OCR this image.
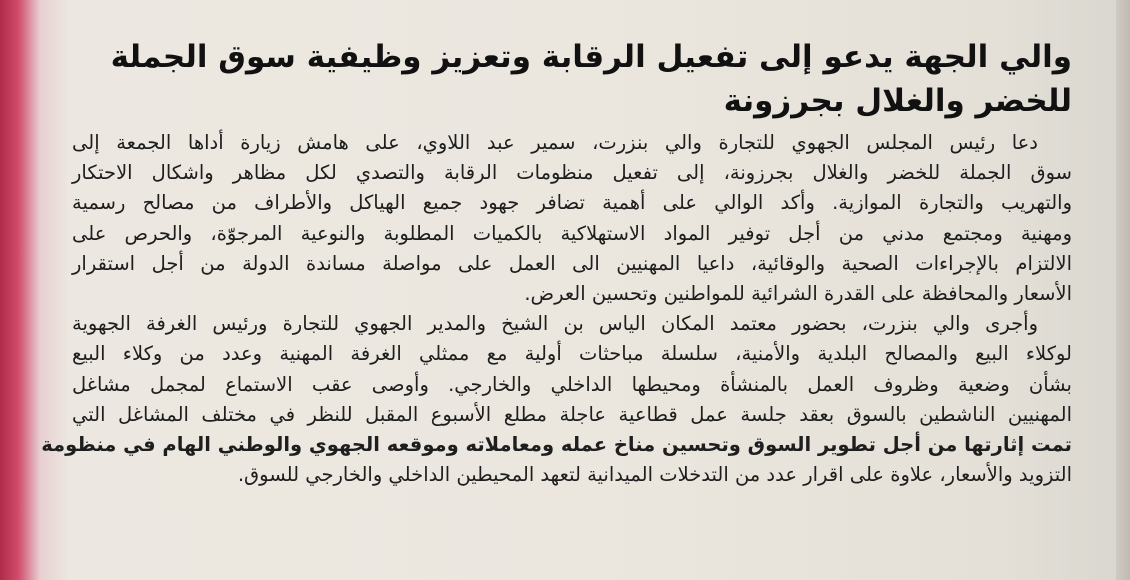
والي الجهة يدعو إلى تفعيل الرقابة وتعزيز وظيفية سوق الجملة
للخضر والغلال بجرزونة
دعا رئيس المجلس الجهوي للتجارة والي بنزرت، سمير عبد اللاوي، على هامش زيارة أداها الجمعة إلى
سوق الجملة للخضر والغلال بجرزونة، إلى تفعيل منظومات الرقابة والتصدي لكل مظاهر واشكال الاحتكار
والتهريب والتجارة الموازية. وأكد الوالي على أهمية تضافر جهود جميع الهياكل والأطراف من مصالح رسمية
ومهنية ومجتمع مدني من أجل توفير المواد الاستهلاكية بالكميات المطلوبة والنوعية المرجوّة، والحرص على
الالتزام بالإجراءات الصحية والوقائية، داعيا المهنيين الى العمل على مواصلة مساندة الدولة من أجل استقرار
الأسعار والمحافظة على القدرة الشرائية للمواطنين وتحسين العرض.
وأجرى والي بنزرت، بحضور معتمد المكان الياس بن الشيخ والمدير الجهوي للتجارة ورئيس الغرفة الجهوية
لوكلاء البيع والمصالح البلدية والأمنية، سلسلة مباحثات أولية مع ممثلي الغرفة المهنية وعدد من وكلاء البيع
بشأن وضعية وظروف العمل بالمنشأة ومحيطها الداخلي والخارجي. وأوصى عقب الاستماع لمجمل مشاغل
المهنيين الناشطين بالسوق بعقد جلسة عمل قطاعية عاجلة مطلع الأسبوع المقبل للنظر في مختلف المشاغل التي
تمت إثارتها من أجل تطوير السوق وتحسين مناخ عمله ومعاملاته وموقعه الجهوي والوطني الهام في منظومة
التزويد والأسعار، علاوة على اقرار عدد من التدخلات الميدانية لتعهد المحيطين الداخلي والخارجي للسوق.
